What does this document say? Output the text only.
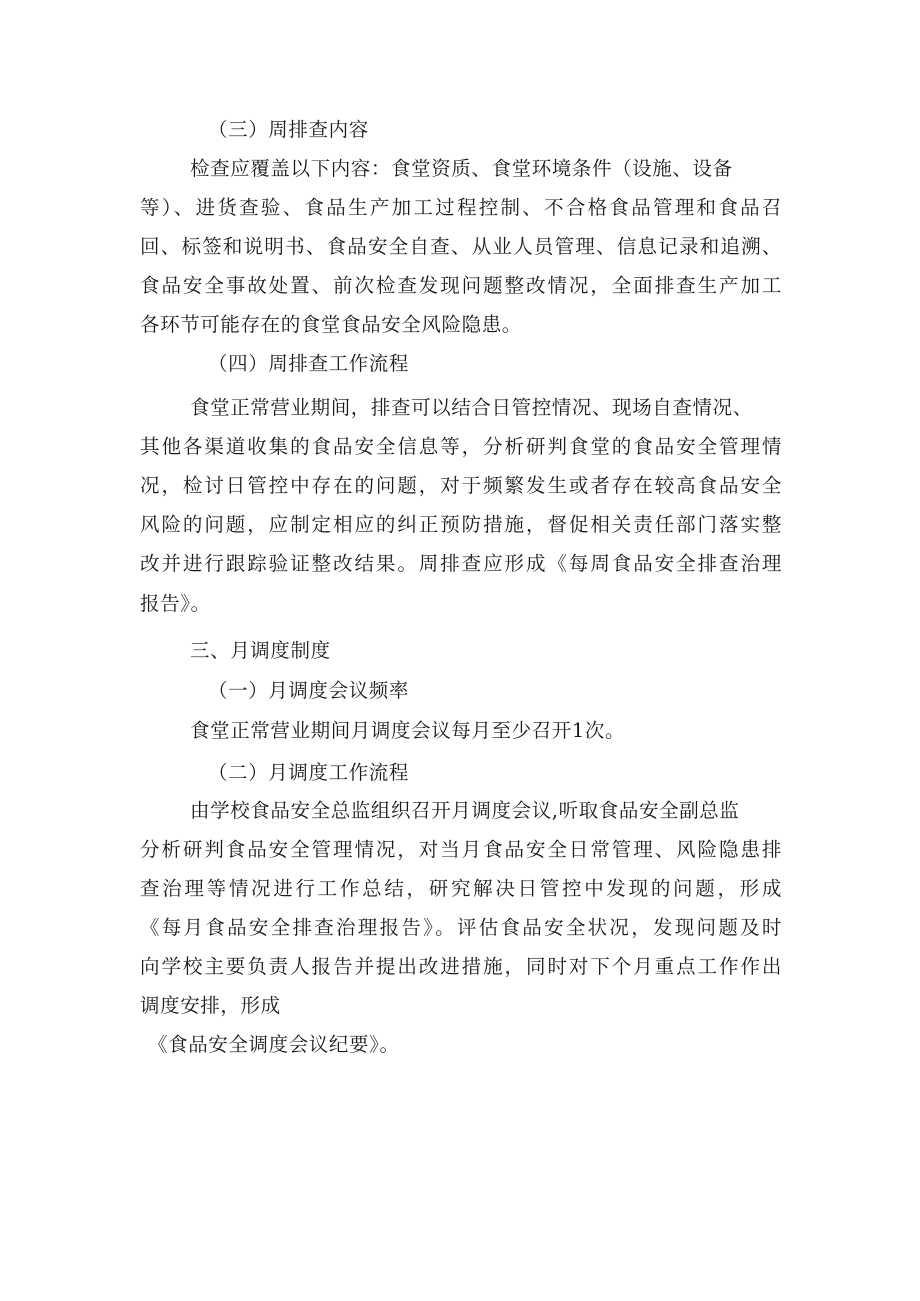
（三）周排查内容
检查应覆盖以下内容：食堂资质、食堂环境条件（设施、设备
等）、进货查验、食品生产加工过程控制、不合格食品管理和食品召
回、标签和说明书、食品安全自查、从业人员管理、信息记录和追溯、
食品安全事故处置、前次检查发现问题整改情况，全面排查生产加工
各环节可能存在的食堂食品安全风险隐患。
（四）周排查工作流程
食堂正常营业期间，排查可以结合日管控情况、现场自查情况、
其他各渠道收集的食品安全信息等，分析研判食堂的食品安全管理情
况，检讨日管控中存在的问题，对于频繁发生或者存在较高食品安全
风险的问题，应制定相应的纠正预防措施，督促相关责任部门落实整
改并进行跟踪验证整改结果。周排查应形成《每周食品安全排查治理
报告》。
三、月调度制度
（一）月调度会议频率
食堂正常营业期间月调度会议每月至少召开1次。
（二）月调度工作流程
由学校食品安全总监组织召开月调度会议,听取食品安全副总监
分析研判食品安全管理情况，对当月食品安全日常管理、风险隐患排
查治理等情况进行工作总结，研究解决日管控中发现的问题，形成
《每月食品安全排查治理报告》。评估食品安全状况，发现问题及时
向学校主要负责人报告并提出改进措施，同时对下个月重点工作作出
调度安排，形成
《食品安全调度会议纪要》。
